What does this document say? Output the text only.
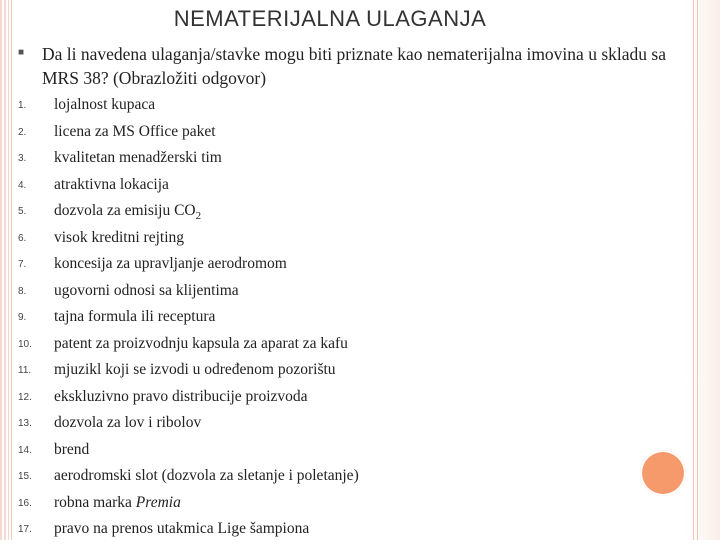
NEMATERIJALNA ULAGANJA
■ Da li navedena ulaganja/stavke mogu biti priznate kao nematerijalna imovina u skladu sa MRS 38? (Obrazložiti odgovor)
1. lojalnost kupaca
2. licena za MS Office paket
3. kvalitetan menadžerski tim
4. atraktivna lokacija
5. dozvola za emisiju $CO_2$
6. visok kreditni rejting
7. koncesija za upravljanje aerodromom
8. ugovorni odnosi sa klijentima
9. tajna formula ili receptura
10. patent za proizvodnju kapsula za aparat za kafu
11. mjuzikl koji se izvodi u određenom pozorištu
12. ekskluzivno pravo distribucije proizvoda
13. dozvola za lov i ribolov
14. brend
15. aerodromski slot (dozvola za sletanje i poletanje)
16. robna marka Premia
17. pravo na prenos utakmica Lige šampiona
